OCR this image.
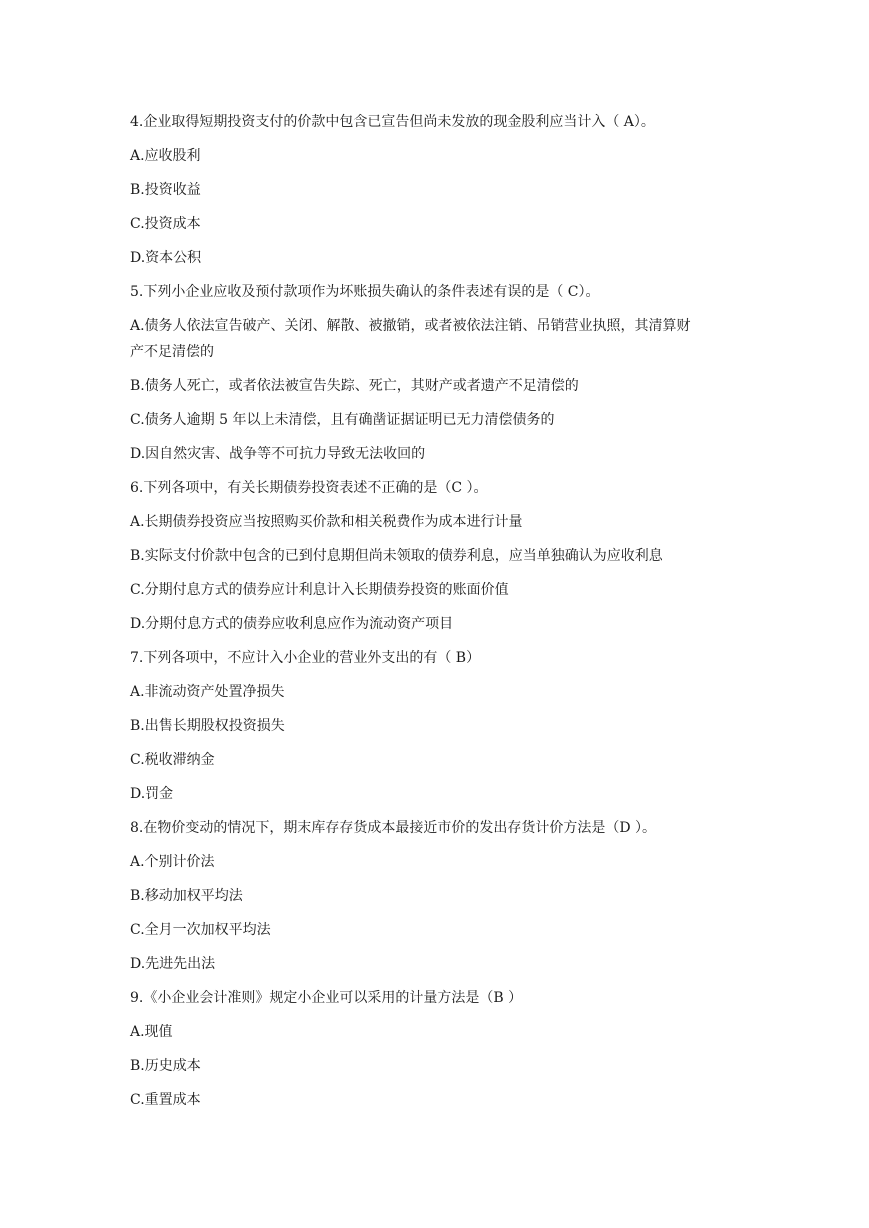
4.企业取得短期投资支付的价款中包含已宣告但尚未发放的现金股利应当计入（ A）。
A.应收股利
B.投资收益
C.投资成本
D.资本公积
5.下列小企业应收及预付款项作为坏账损失确认的条件表述有误的是（ C）。
A.债务人依法宣告破产、关闭、解散、被撤销，或者被依法注销、吊销营业执照，其清算财
产不足清偿的
B.债务人死亡，或者依法被宣告失踪、死亡，其财产或者遗产不足清偿的
C.债务人逾期 5 年以上未清偿，且有确凿证据证明已无力清偿债务的
D.因自然灾害、战争等不可抗力导致无法收回的
6.下列各项中，有关长期债券投资表述不正确的是（C ）。
A.长期债券投资应当按照购买价款和相关税费作为成本进行计量
B.实际支付价款中包含的已到付息期但尚未领取的债券利息，应当单独确认为应收利息
C.分期付息方式的债券应计利息计入长期债券投资的账面价值
D.分期付息方式的债券应收利息应作为流动资产项目
7.下列各项中，不应计入小企业的营业外支出的有（ B）
A.非流动资产处置净损失
B.出售长期股权投资损失
C.税收滞纳金
D.罚金
8.在物价变动的情况下，期末库存存货成本最接近市价的发出存货计价方法是（D ）。
A.个别计价法
B.移动加权平均法
C.全月一次加权平均法
D.先进先出法
9.《小企业会计准则》规定小企业可以采用的计量方法是（B ）
A.现值
B.历史成本
C.重置成本
